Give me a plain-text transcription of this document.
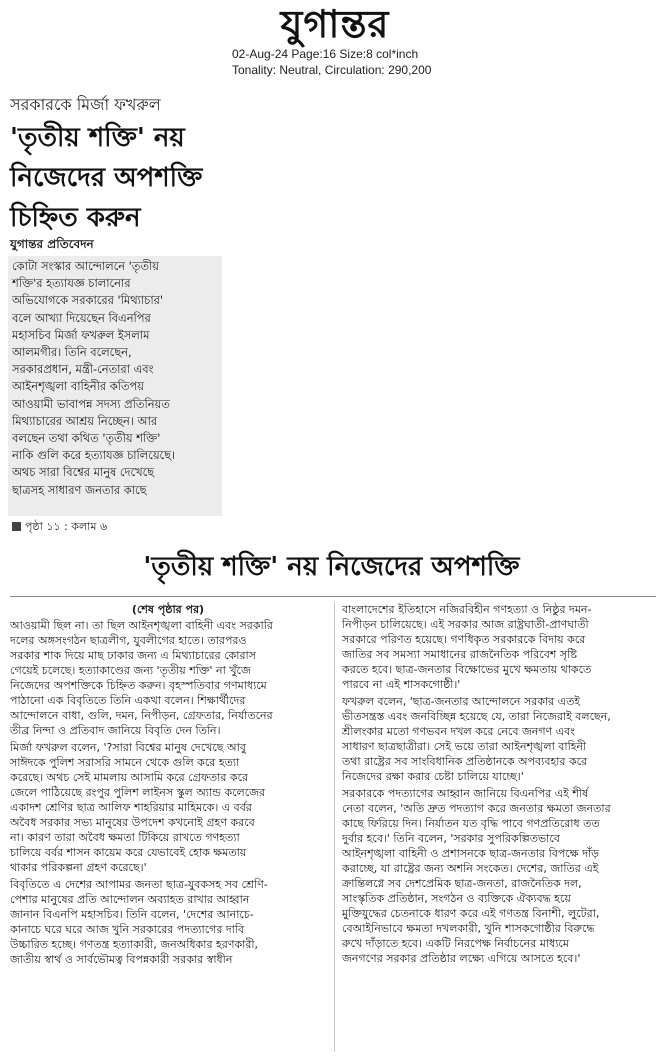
যুগান্তর
02-Aug-24 Page:16 Size:8 col*inch
Tonality: Neutral, Circulation: 290,200
সরকারকে মির্জা ফখরুল
'তৃতীয় শক্তি' নয়
নিজেদের অপশক্তি
চিহ্নিত করুন
যুগান্তর প্রতিবেদন
কোটা সংস্কার আন্দোলনে 'তৃতীয়
শক্তি'র হত্যাযজ্ঞ চালানোর
অভিযোগকে সরকারের 'মিথ্যাচার'
বলে আখ্যা দিয়েছেন বিএনপির
মহাসচিব মির্জা ফখরুল ইসলাম
আলমগীর। তিনি বলেছেন,
সরকারপ্রধান, মন্ত্রী-নেতারা এবং
আইনশৃঙ্খলা বাহিনীর কতিপয়
আওয়ামী ভাবাপন্ন সদস্য প্রতিনিয়ত
মিথ্যাচারের আশ্রয় নিচ্ছেন। আর
বলছেন তথা কথিত 'তৃতীয় শক্তি'
নাকি গুলি করে হত্যাযজ্ঞ চালিয়েছে।
অথচ সারা বিশ্বের মানুষ দেখেছে
ছাত্রসহ সাধারণ জনতার কাছে
পৃষ্ঠা ১১ : কলাম ৬
'তৃতীয় শক্তি' নয় নিজেদের অপশক্তি
(শেষ পৃষ্ঠার পর)
আওয়ামী ছিল না। তা ছিল আইনশৃঙ্খলা বাহিনী এবং সরকারি
দলের অঙ্গসংগঠন ছাত্রলীগ, যুবলীগের হাতে। তারপরও
সরকার শাক দিয়ে মাছ ঢাকার জন্য এ মিথ্যাচারের কোরাস
গেয়েই চলেছে। হত্যাকাণ্ডের জন্য 'তৃতীয় শক্তি' না খুঁজে
নিজেদের অপশক্তিকে চিহ্নিত করুন। বৃহস্পতিবার গণমাধ্যমে
পাঠানো এক বিবৃতিতে তিনি একথা বলেন। শিক্ষার্থীদের
আন্দোলনে বাধা, গুলি, দমন, নিপীড়ন, গ্রেফতার, নির্যাতনের
তীব্র নিন্দা ও প্রতিবাদ জানিয়ে বিবৃতি দেন তিনি।
মির্জা ফখরুল বলেন, '?সারা বিশ্বের মানুষ দেখেছে আবু
সাঈদকে পুলিশ সরাসরি সামনে থেকে গুলি করে হত্যা
করেছে। অথচ সেই মামলায় আসামি করে গ্রেফতার করে
জেলে পাঠিয়েছে রংপুর পুলিশ লাইনস স্কুল অ্যান্ড কলেজের
একাদশ শ্রেণির ছাত্র আলিফ শাহরিয়ার মাহিমকে। এ বর্বর
অবৈধ সরকার সভ্য মানুষের উপদেশ কখনোই গ্রহণ করবে
না। কারণ তারা অবৈধ ক্ষমতা টিকিয়ে রাখতে গণহত্যা
চালিয়ে বর্বর শাসন কায়েম করে যেভাবেই হোক ক্ষমতায়
থাকার পরিকল্পনা গ্রহণ করেছে।'
বিবৃতিতে এ দেশের আপামর জনতা ছাত্র-যুবকসহ সব শ্রেণি-
পেশার মানুষের প্রতি আন্দোলন অব্যাহত রাখার আহ্বান
জানান বিএনপি মহাসচিব। তিনি বলেন, 'দেশের আনাচে-
কানাচে ঘরে ঘরে আজ খুনি সরকারের পদত্যাগের দাবি
উচ্চারিত হচ্ছে। গণতন্ত্র হত্যাকারী, জনঅধিকার হরণকারী,
জাতীয় স্বার্থ ও সার্বভৌমত্ব বিপন্নকারী সরকার স্বাধীন
বাংলাদেশের ইতিহাসে নজিরবিহীন গণহত্যা ও নিষ্ঠুর দমন-
নিপীড়ন চালিয়েছে। এই সরকার আজ রাষ্ট্রঘাতী-প্রাণঘাতী
সরকারে পরিণত হয়েছে। গণধিকৃত সরকারকে বিদায় করে
জাতির সব সমস্যা সমাধানের রাজনৈতিক পরিবেশ সৃষ্টি
করতে হবে। ছাত্র-জনতার বিক্ষোভের মুখে ক্ষমতায় থাকতে
পারবে না এই শাসকগোষ্ঠী।'
ফখরুল বলেন, 'ছাত্র-জনতার আন্দোলনে সরকার এতই
ভীতসন্ত্রস্ত এবং জনবিচ্ছিন্ন হয়েছে যে, তারা নিজেরাই বলছেন,
শ্রীলংকার মতো গণভবন দখল করে নেবে জনগণ এবং
সাধারণ ছাত্রছাত্রীরা। সেই ভয়ে তারা আইনশৃঙ্খলা বাহিনী
তথা রাষ্ট্রের সব সাংবিধানিক প্রতিষ্ঠানকে অপব্যবহার করে
নিজেদের রক্ষা করার চেষ্টা চালিয়ে যাচ্ছে।'
সরকারকে পদত্যাগের আহ্বান জানিয়ে বিএনপির এই শীর্ষ
নেতা বলেন, 'অতি দ্রুত পদত্যাগ করে জনতার ক্ষমতা জনতার
কাছে ফিরিয়ে দিন। নির্যাতন যত বৃদ্ধি পাবে গণপ্রতিরোধ তত
দুর্বার হবে।' তিনি বলেন, 'সরকার সুপরিকল্পিতভাবে
আইনশৃঙ্খলা বাহিনী ও প্রশাসনকে ছাত্র-জনতার বিপক্ষে দাঁড়
করাচ্ছে, যা রাষ্ট্রের জন্য অশনি সংকেত। দেশের, জাতির এই
ক্রান্তিলগ্নে সব দেশপ্রেমিক ছাত্র-জনতা, রাজনৈতিক দল,
সাংস্কৃতিক প্রতিষ্ঠান, সংগঠন ও ব্যক্তিকে ঐক্যবদ্ধ হয়ে
মুক্তিযুদ্ধের চেতনাকে ধারণ করে এই গণতন্ত্র বিনাশী, লুটেরা,
বেআইনিভাবে ক্ষমতা দখলকারী, খুনি শাসকগোষ্ঠীর বিরুদ্ধে
রুখে দাঁড়াতে হবে। একটি নিরপেক্ষ নির্বাচনের মাধ্যমে
জনগণের সরকার প্রতিষ্ঠার লক্ষ্যে এগিয়ে আসতে হবে।'
